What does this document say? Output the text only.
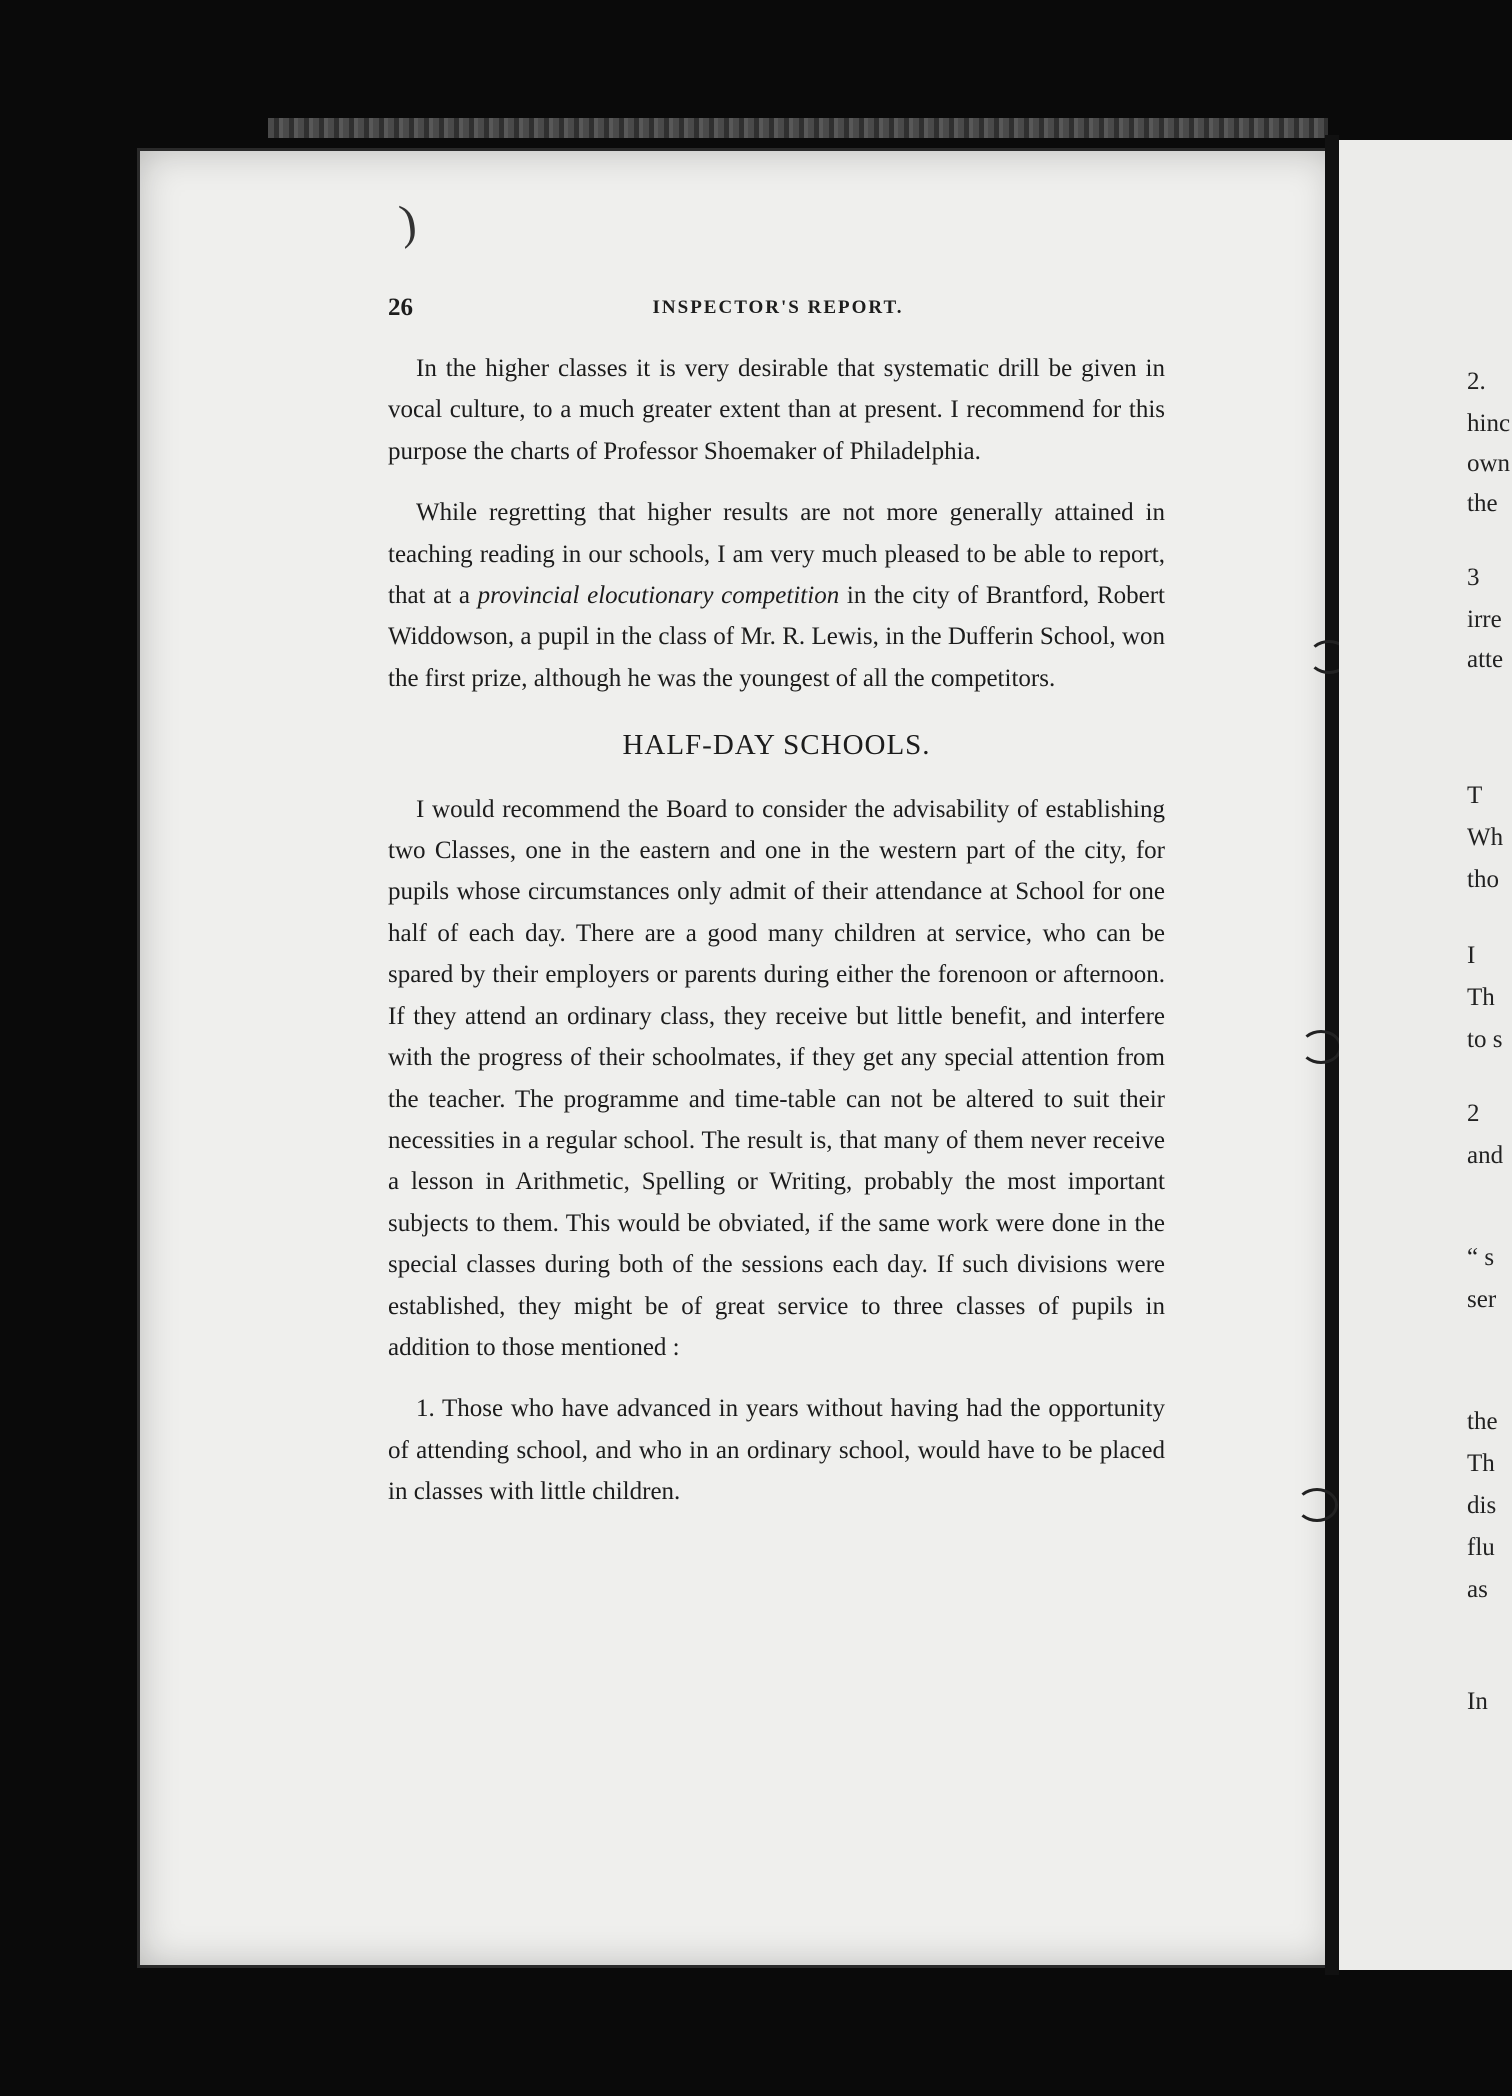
)
26	INSPECTOR'S REPORT.

In the higher classes it is very desirable that systematic drill be given in vocal culture, to a much greater extent than at present. I recommend for this purpose the charts of Professor Shoemaker of Philadelphia.

While regretting that higher results are not more generally attained in teaching reading in our schools, I am very much pleased to be able to report, that at a provincial elocutionary competition in the city of Brantford, Robert Widdowson, a pupil in the class of Mr. R. Lewis, in the Dufferin School, won the first prize, although he was the youngest of all the competitors.

HALF-DAY SCHOOLS.

I would recommend the Board to consider the advisability of establishing two Classes, one in the eastern and one in the western part of the city, for pupils whose circumstances only admit of their attendance at School for one half of each day. There are a good many children at service, who can be spared by their employers or parents during either the forenoon or afternoon. If they attend an ordinary class, they receive but little benefit, and interfere with the progress of their schoolmates, if they get any special attention from the teacher. The programme and time-table can not be altered to suit their necessities in a regular school. The result is, that many of them never receive a lesson in Arithmetic, Spelling or Writing, probably the most important subjects to them. This would be obviated, if the same work were done in the special classes during both of the sessions each day. If such divisions were established, they might be of great service to three classes of pupils in addition to those mentioned :

1. Those who have advanced in years without having had the opportunity of attending school, and who in an ordinary school, would have to be placed in classes with little children.

2.
hinc
own
the
3
irre
atte
T
Wh
tho
I
Th
to s
2
and
“ s
ser
the
Th
dis
flu
as
In
